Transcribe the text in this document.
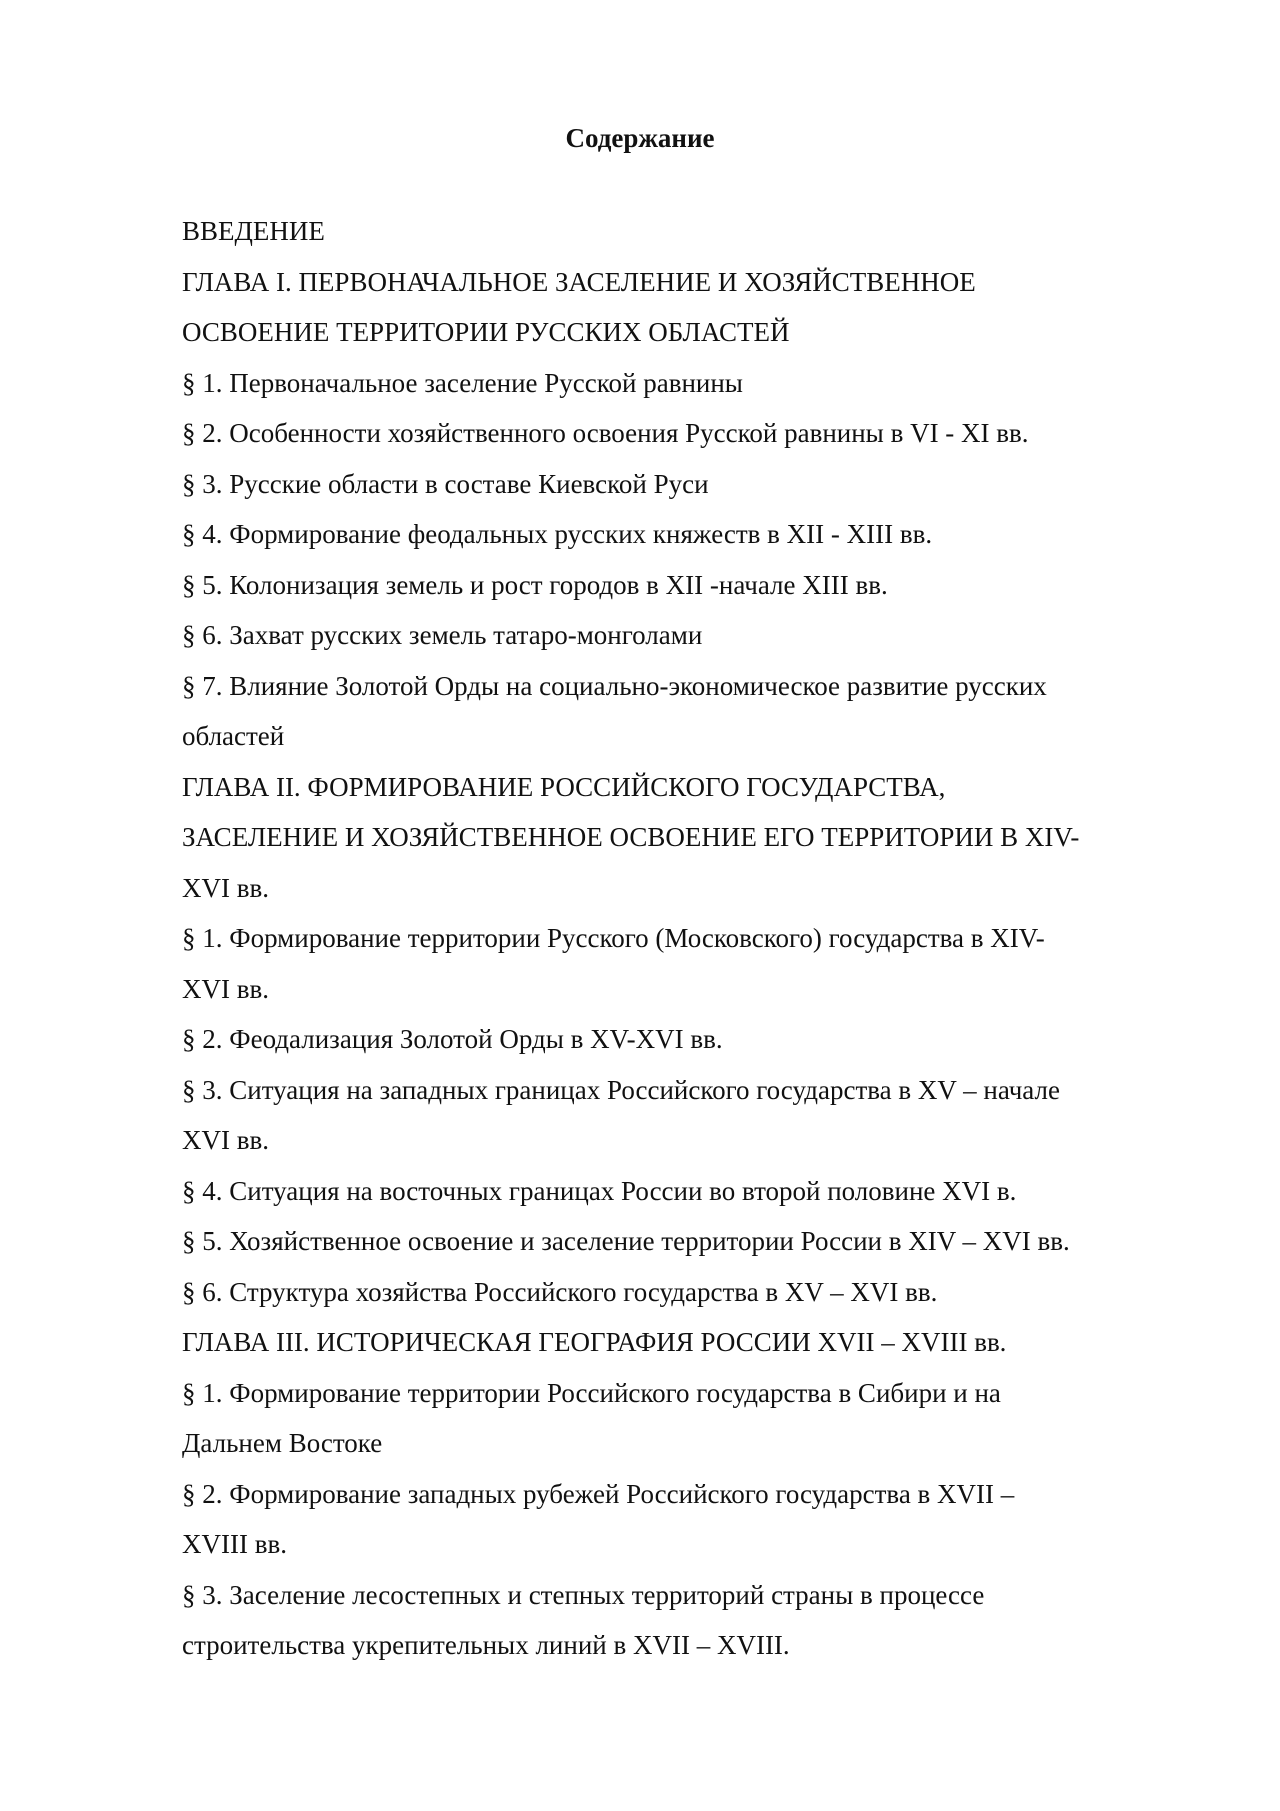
Содержание
ВВЕДЕНИЕ
ГЛАВА I. ПЕРВОНАЧАЛЬНОЕ ЗАСЕЛЕНИЕ И ХОЗЯЙСТВЕННОЕ
ОСВОЕНИЕ ТЕРРИТОРИИ РУССКИХ ОБЛАСТЕЙ
§ 1. Первоначальное заселение Русской равнины
§ 2. Особенности хозяйственного освоения Русской равнины в VI - XI вв.
§ 3. Русские области в составе Киевской Руси
§ 4. Формирование феодальных русских княжеств в XII - XIII вв.
§ 5. Колонизация земель и рост городов в XII -начале XIII вв.
§ 6. Захват русских земель татаро-монголами
§ 7. Влияние Золотой Орды на социально-экономическое развитие русских
областей
ГЛАВА II. ФОРМИРОВАНИЕ РОССИЙСКОГО ГОСУДАРСТВА,
ЗАСЕЛЕНИЕ И ХОЗЯЙСТВЕННОЕ ОСВОЕНИЕ ЕГО ТЕРРИТОРИИ В XIV-
XVI вв.
§ 1. Формирование территории Русского (Московского) государства в XIV-
XVI вв.
§ 2. Феодализация Золотой Орды в XV-XVI вв.
§ 3. Ситуация на западных границах Российского государства в XV – начале
XVI вв.
§ 4. Ситуация на восточных границах России во второй половине XVI в.
§ 5. Хозяйственное освоение и заселение территории России в XIV – XVI вв.
§ 6. Структура хозяйства Российского государства в XV – XVI вв.
ГЛАВА III. ИСТОРИЧЕСКАЯ ГЕОГРАФИЯ РОССИИ XVII – XVIII вв.
§ 1. Формирование территории Российского государства в Сибири и на
Дальнем Востоке
§ 2. Формирование западных рубежей Российского государства в XVII –
XVIII вв.
§ 3. Заселение лесостепных и степных территорий страны в процессе
строительства укрепительных линий в XVII – XVIII.
